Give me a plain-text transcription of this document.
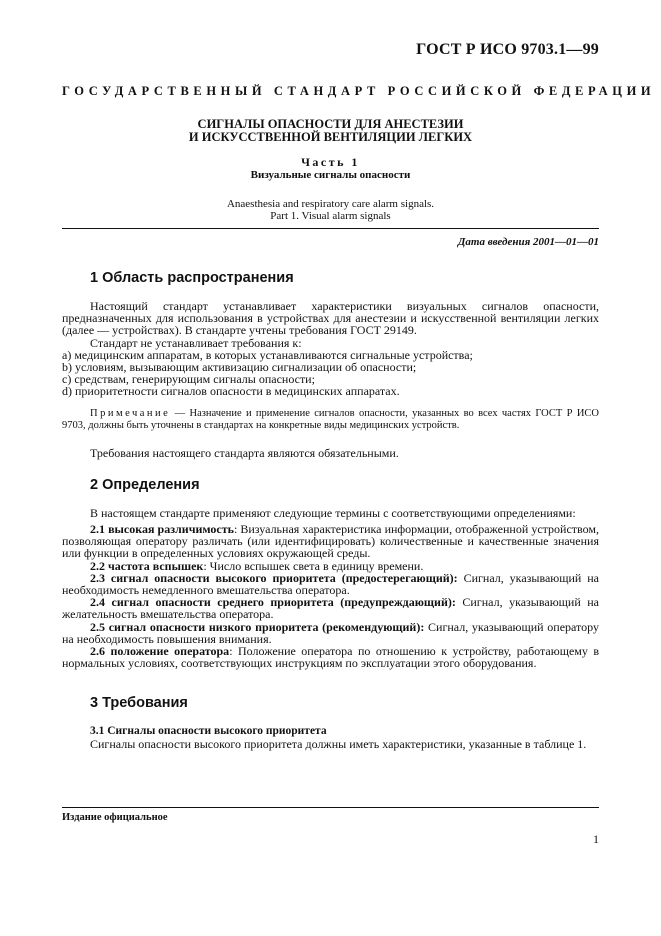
ГОСТ Р ИСО 9703.1—99
ГОСУДАРСТВЕННЫЙ СТАНДАРТ РОССИЙСКОЙ ФЕДЕРАЦИИ
СИГНАЛЫ ОПАСНОСТИ ДЛЯ АНЕСТЕЗИИ
И ИСКУССТВЕННОЙ ВЕНТИЛЯЦИИ ЛЕГКИХ
Часть 1
Визуальные сигналы опасности
Anaesthesia and respiratory care alarm signals.
Part 1. Visual alarm signals
Дата введения 2001—01—01
1 Область распространения

Настоящий стандарт устанавливает характеристики визуальных сигналов опасности, предназначенных для использования в устройствах для анестезии и искусственной вентиляции легких (далее — устройствах). В стандарте учтены требования ГОСТ 29149.

Стандарт не устанавливает требования к:

а) медицинским аппаратам, в которых устанавливаются сигнальные устройства;

b) условиям, вызывающим активизацию сигнализации об опасности;

c) средствам, генерирующим сигналы опасности;

d) приоритетности сигналов опасности в медицинских аппаратах.

Примечание — Назначение и применение сигналов опасности, указанных во всех частях ГОСТ Р ИСО 9703, должны быть уточнены в стандартах на конкретные виды медицинских устройств.

Требования настоящего стандарта являются обязательными.

2 Определения

В настоящем стандарте применяют следующие термины с соответствующими определениями:

2.1 высокая различимость: Визуальная характеристика информации, отображенной устройством, позволяющая оператору различать (или идентифицировать) количественные и качественные значения или функции в определенных условиях окружающей среды.

2.2 частота вспышек: Число вспышек света в единицу времени.

2.3 сигнал опасности высокого приоритета (предостерегающий): Сигнал, указывающий на необходимость немедленного вмешательства оператора.

2.4 сигнал опасности среднего приоритета (предупреждающий): Сигнал, указывающий на желательность вмешательства оператора.

2.5 сигнал опасности низкого приоритета (рекомендующий): Сигнал, указывающий оператору на необходимость повышения внимания.

2.6 положение оператора: Положение оператора по отношению к устройству, работающему в нормальных условиях, соответствующих инструкциям по эксплуатации этого оборудования.

3 Требования
3.1 Сигналы опасности высокого приоритета

Сигналы опасности высокого приоритета должны иметь характеристики, указанные в таблице 1.

Издание официальное
1
